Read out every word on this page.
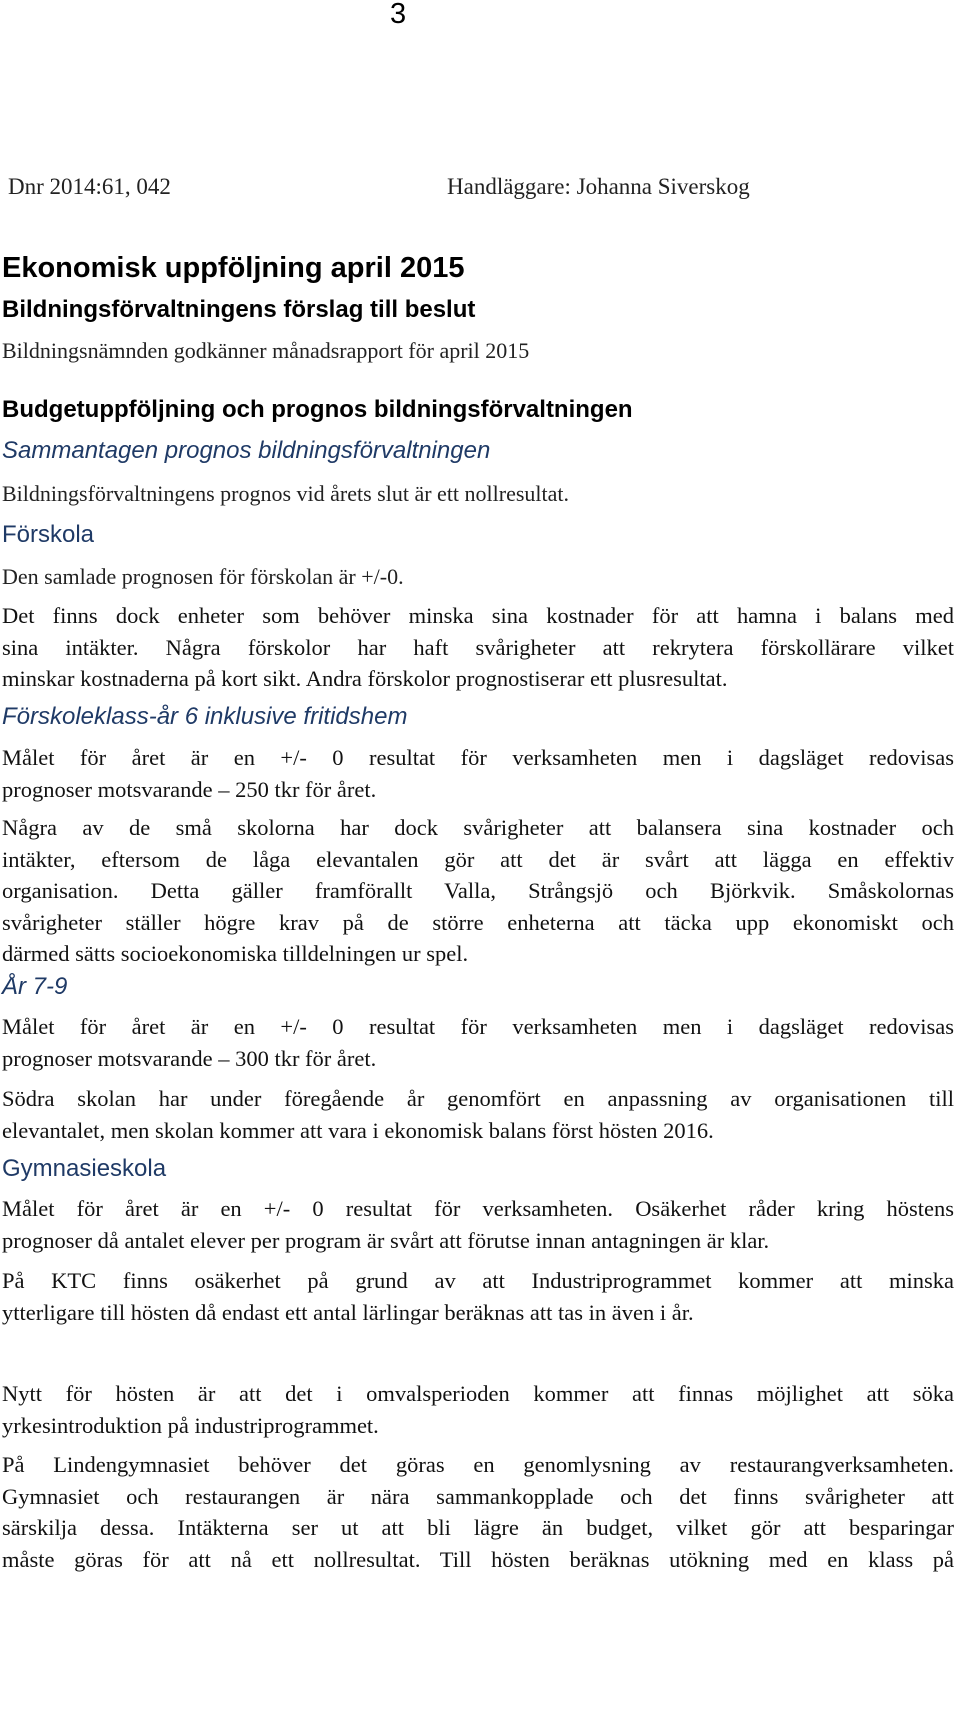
3
Dnr 2014:61, 042	Handläggare: Johanna Siverskog
Ekonomisk uppföljning april 2015
Bildningsförvaltningens förslag till beslut
Bildningsnämnden godkänner månadsrapport för april 2015
Budgetuppföljning och prognos bildningsförvaltningen
Sammantagen prognos bildningsförvaltningen
Bildningsförvaltningens prognos vid årets slut är ett nollresultat.
Förskola
Den samlade prognosen för förskolan är +/-0.
Det finns dock enheter som behöver minska sina kostnader för att hamna i balans med
sina intäkter. Några förskolor har haft svårigheter att rekrytera förskollärare vilket
minskar kostnaderna på kort sikt. Andra förskolor prognostiserar ett plusresultat.
Förskoleklass-år 6 inklusive fritidshem
Målet för året är en +/- 0 resultat för verksamheten men i dagsläget redovisas
prognoser motsvarande – 250 tkr för året.
Några av de små skolorna har dock svårigheter att balansera sina kostnader och
intäkter, eftersom de låga elevantalen gör att det är svårt att lägga en effektiv
organisation. Detta gäller framförallt Valla, Strångsjö och Björkvik. Småskolornas
svårigheter ställer högre krav på de större enheterna att täcka upp ekonomiskt och
därmed sätts socioekonomiska tilldelningen ur spel.
År 7-9
Målet för året är en +/- 0 resultat för verksamheten men i dagsläget redovisas
prognoser motsvarande – 300 tkr för året.
Södra skolan har under föregående år genomfört en anpassning av organisationen till
elevantalet, men skolan kommer att vara i ekonomisk balans först hösten 2016.
Gymnasieskola
Målet för året är en +/- 0 resultat för verksamheten. Osäkerhet råder kring höstens
prognoser då antalet elever per program är svårt att förutse innan antagningen är klar.
På KTC finns osäkerhet på grund av att Industriprogrammet kommer att minska
ytterligare till hösten då endast ett antal lärlingar beräknas att tas in även i år.
Nytt för hösten är att det i omvalsperioden kommer att finnas möjlighet att söka
yrkesintroduktion på industriprogrammet.
På Lindengymnasiet behöver det göras en genomlysning av restaurangverksamheten.
Gymnasiet och restaurangen är nära sammankopplade och det finns svårigheter att
särskilja dessa. Intäkterna ser ut att bli lägre än budget, vilket gör att besparingar
måste göras för att nå ett nollresultat. Till hösten beräknas utökning med en klass på
